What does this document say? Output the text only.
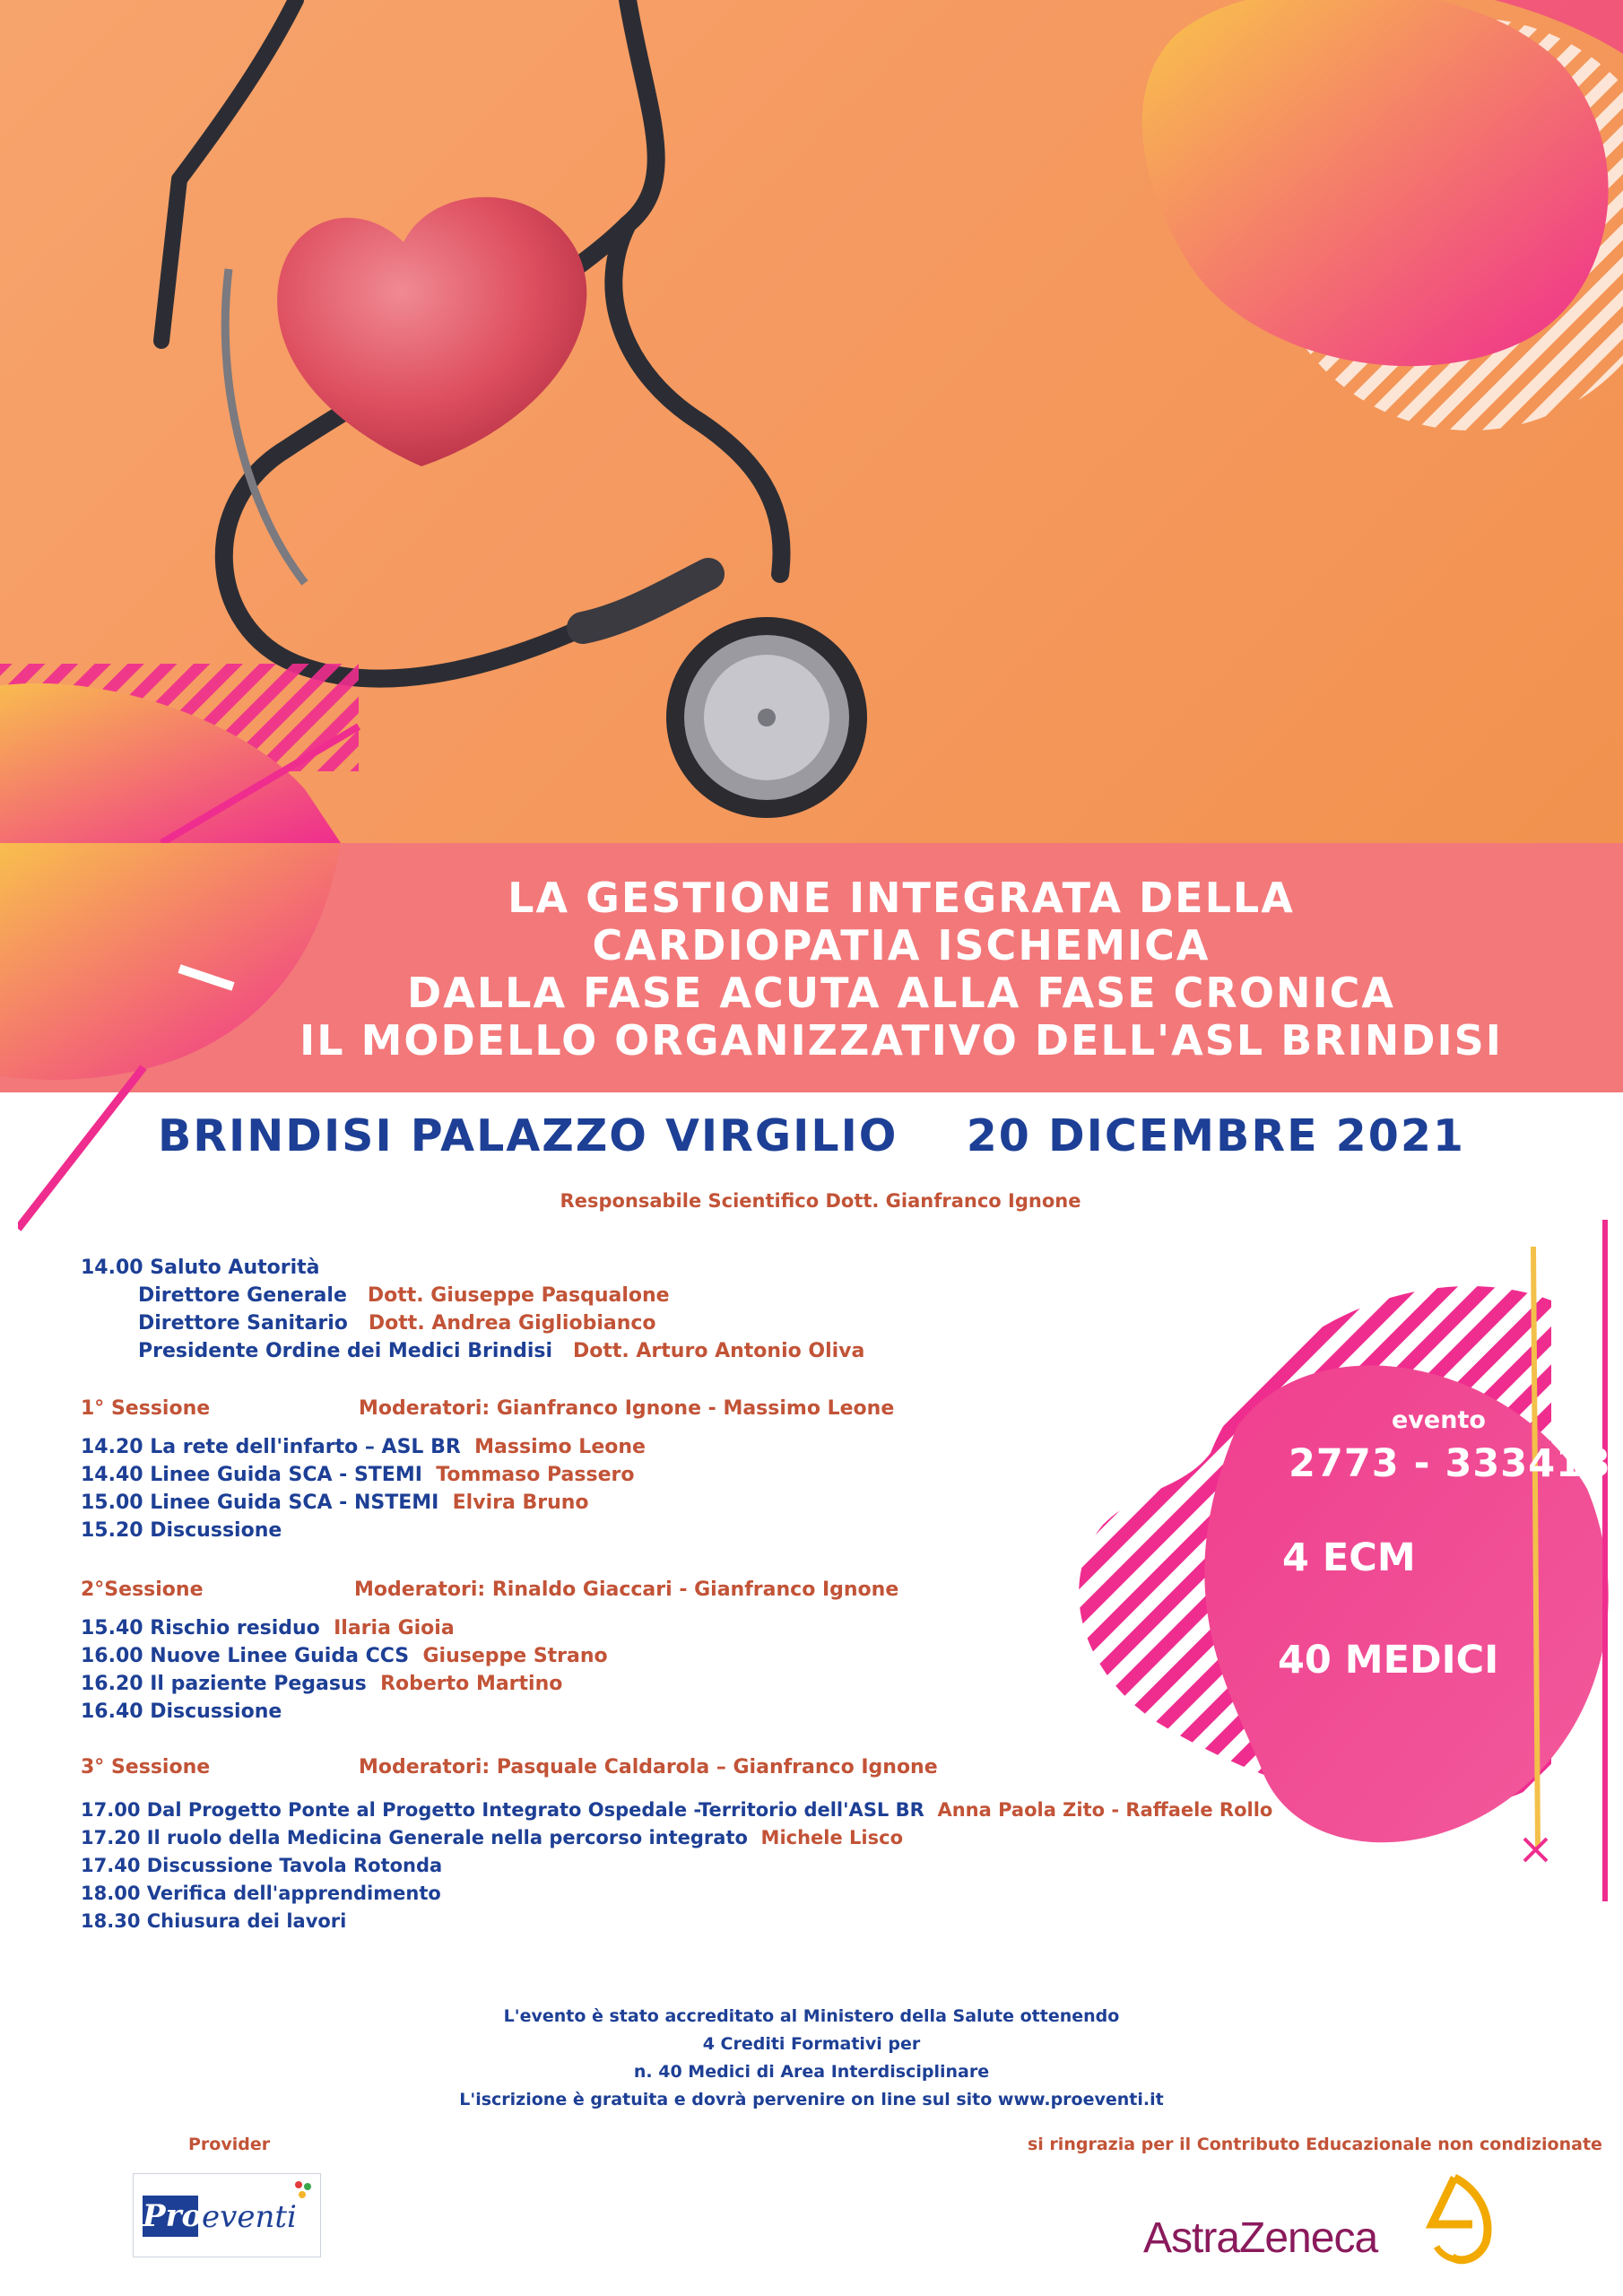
LA GESTIONE INTEGRATA DELLA
CARDIOPATIA ISCHEMICA
DALLA FASE ACUTA ALLA FASE CRONICA
IL MODELLO ORGANIZZATIVO DELL'ASL BRINDISI
BRINDISI PALAZZO VIRGILIO    20 DICEMBRE 2021
Responsabile Scientifico Dott. Gianfranco Ignone
evento
2773 - 333413
4 ECM
40 MEDICI
14.00 Saluto Autorità
Direttore Generale Dott. Giuseppe Pasqualone
Direttore Sanitario Dott. Andrea Gigliobianco
Presidente Ordine dei Medici Brindisi Dott. Arturo Antonio Oliva
1° Sessione	Moderatori: Gianfranco Ignone - Massimo Leone
14.20 La rete dell'infarto – ASL BR Massimo Leone
14.40 Linee Guida SCA - STEMI Tommaso Passero
15.00 Linee Guida SCA - NSTEMI Elvira Bruno
15.20 Discussione
2°Sessione	Moderatori: Rinaldo Giaccari - Gianfranco Ignone
15.40 Rischio residuo Ilaria Gioia
16.00 Nuove Linee Guida CCS Giuseppe Strano
16.20 Il paziente Pegasus Roberto Martino
16.40 Discussione
3° Sessione	Moderatori: Pasquale Caldarola – Gianfranco Ignone
17.00 Dal Progetto Ponte al Progetto Integrato Ospedale -Territorio dell'ASL BR Anna Paola Zito - Raffaele Rollo
17.20 Il ruolo della Medicina Generale nella percorso integrato Michele Lisco
17.40 Discussione Tavola Rotonda
18.00 Verifica dell'apprendimento
18.30 Chiusura dei lavori
L'evento è stato accreditato al Ministero della Salute ottenendo
4 Crediti Formativi per
n. 40 Medici di Area Interdisciplinare
L'iscrizione è gratuita e dovrà pervenire on line sul sito www.proeventi.it
Provider	si ringrazia per il Contributo Educazionale non condizionate
Pro eventi	AstraZeneca
